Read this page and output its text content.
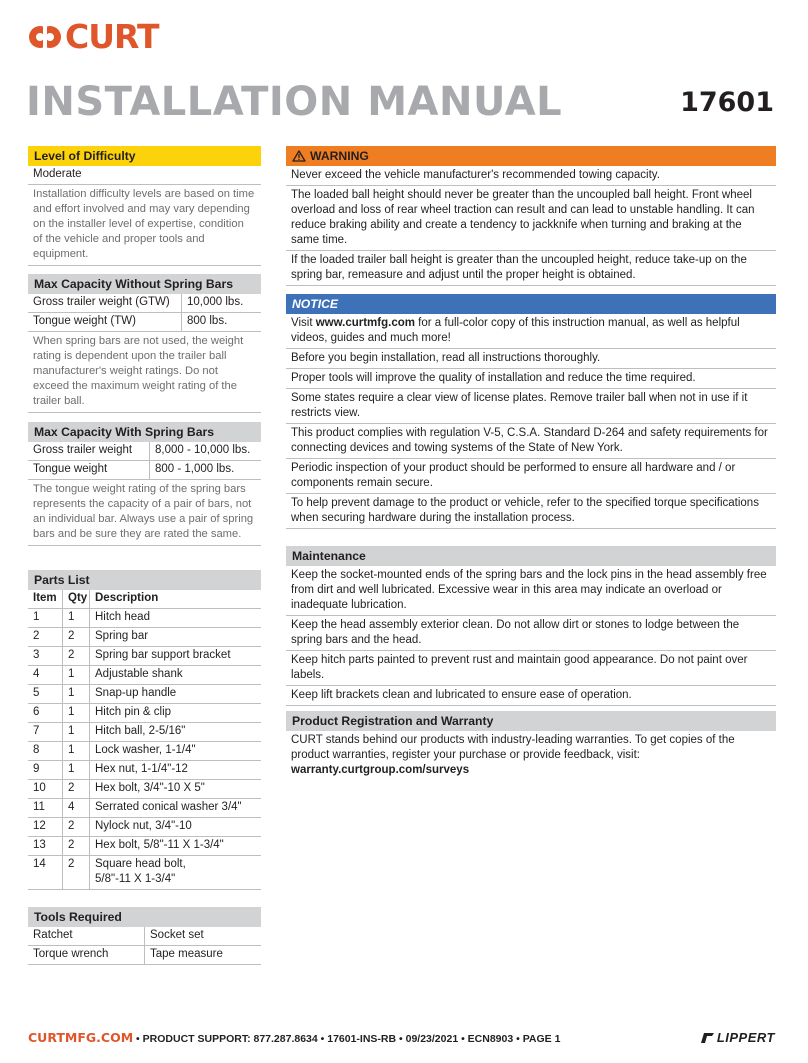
CURT
INSTALLATION MANUAL	17601
Level of Difficulty
Moderate
Installation difficulty levels are based on time and effort involved and may vary depending on the installer level of expertise, condition of the vehicle and proper tools and equipment.
Max Capacity Without Spring Bars
Gross trailer weight (GTW)	10,000 lbs.
Tongue weight (TW)	800 lbs.
When spring bars are not used, the weight rating is dependent upon the trailer ball manufacturer's weight ratings. Do not exceed the maximum weight rating of the trailer ball.
Max Capacity With Spring Bars
Gross trailer weight	8,000 - 10,000 lbs.
Tongue weight	800 - 1,000 lbs.
The tongue weight rating of the spring bars represents the capacity of a pair of bars, not an individual bar. Always use a pair of spring bars and be sure they are rated the same.
Parts List
Item Qty Description
1	1	Hitch head
2	2	Spring bar
3	2	Spring bar support bracket
4	1	Adjustable shank
5	1	Snap-up handle
6	1	Hitch pin & clip
7	1	Hitch ball, 2-5/16"
8	1	Lock washer, 1-1/4"
9	1	Hex nut, 1-1/4"-12
10	2	Hex bolt, 3/4"-10 X 5"
11	4	Serrated conical washer 3/4"
12	2	Nylock nut, 3/4"-10
13	2	Hex bolt, 5/8"-11 X 1-3/4"
14	2	Square head bolt,
5/8"-11 X 1-3/4"
Tools Required
Ratchet	Socket set
Torque wrench	Tape measure
WARNING
Never exceed the vehicle manufacturer's recommended towing capacity.
The loaded ball height should never be greater than the uncoupled ball height. Front wheel overload and loss of rear wheel traction can result and can lead to unstable handling. It can reduce braking ability and create a tendency to jackknife when turning and braking at the same time.
If the loaded trailer ball height is greater than the uncoupled height, reduce take-up on the spring bar, remeasure and adjust until the proper height is obtained.
NOTICE
Visit www.curtmfg.com for a full-color copy of this instruction manual, as well as helpful videos, guides and much more!
Before you begin installation, read all instructions thoroughly.
Proper tools will improve the quality of installation and reduce the time required.
Some states require a clear view of license plates. Remove trailer ball when not in use if it restricts view.
This product complies with regulation V-5, C.S.A. Standard D-264 and safety requirements for connecting devices and towing systems of the State of New York.
Periodic inspection of your product should be performed to ensure all hardware and / or components remain secure.
To help prevent damage to the product or vehicle, refer to the specified torque specifications when securing hardware during the installation process.
Maintenance
Keep the socket-mounted ends of the spring bars and the lock pins in the head assembly free from dirt and well lubricated. Excessive wear in this area may indicate an overload or inadequate lubrication.
Keep the head assembly exterior clean. Do not allow dirt or stones to lodge between the spring bars and the head.
Keep hitch parts painted to prevent rust and maintain good appearance. Do not paint over labels.
Keep lift brackets clean and lubricated to ensure ease of operation.
Product Registration and Warranty
CURT stands behind our products with industry-leading warranties. To get copies of the product warranties, register your purchase or provide feedback, visit: warranty.curtgroup.com/surveys
CURTMFG.COM • PRODUCT SUPPORT: 877.287.8634 • 17601-INS-RB • 09/23/2021 • ECN8903 • PAGE 1	LIPPERT
